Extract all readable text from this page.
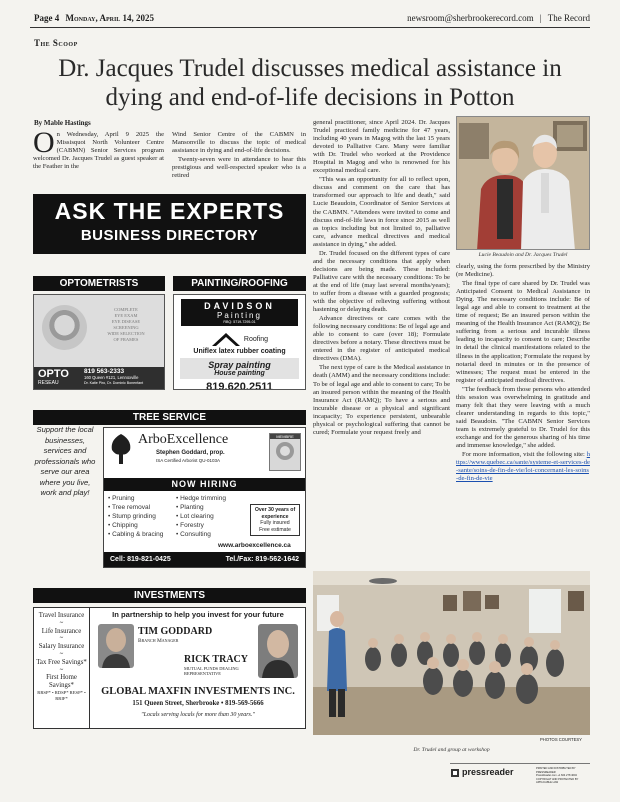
Page 4 Monday, April 14, 2025	newsroom@sherbrookerecord.com | The Record
The Scoop
Dr. Jacques Trudel discusses medical assistance in dying and end-of-life decisions in Potton
By Mable Hastings
On Wednesday, April 9 2025 the Missisquoi North Volunteer Centre (CABMN) Senior Services program welcomed Dr. Jacques Trudel as guest speaker at the Feather in the

Wind Senior Centre of the CABMN in Mansonville to discuss the topic of medical assistance in dying and end-of-life decisions.

Twenty-seven were in attendance to hear this prestigious and well-respected speaker who is a retired

general practitioner, since April 2024. Dr. Jacques Trudel practiced family medicine for 47 years, including 40 years in Magog with the last 15 years devoted to Palliative Care. Many were familiar with Dr. Trudel who worked at the Providence Hospital in Magog and who is renowned for his exceptional medical care.

"This was an opportunity for all to reflect upon, discuss and comment on the care that has transformed our approach to life and death," said Lucie Beaudoin, Coordinator of Senior Services at the CABMN. "Attendees were invited to come and discuss end-of-life laws in force since 2015 as well as topics including but not limited to, palliative care, advance medical directives and medical assistance in dying," she added.

Dr. Trudel focused on the different types of care and the necessary conditions that apply when decisions are being made. These included: Palliative care with the necessary conditions: To be at the end of life (may last several months/years); to suffer from a disease with a guarded prognosis; with the objective of relieving suffering without hastening or delaying death.

Advance directives or care comes with the following necessary conditions: Be of legal age and able to consent to care (over 18); Formulate directives before a notary. These directives must be entered in the register of anticipated medical directives (DMA).

The next type of care is the Medical assistance in death (AMM) and the necessary conditions include: To be of legal age and able to consent to care; To be an insured person within the meaning of the Health Insurance Act (RAMQ); To have a serious and incurable disease or a physical and significant incapacity; To experience persistent, unbearable physical or psychological suffering that cannot be cured; Formulate your request freely and

clearly, using the form prescribed by the Ministry (re Medicine).

The final type of care shared by Dr. Trudel was Anticipated Consent to Medical Assistance in Dying. The necessary conditions include: Be of legal age and able to consent to treatment at the time of request; Be an insured person within the meaning of the Health Insurance Act (RAMQ); Be suffering from a serious and incurable illness leading to incapacity to consent to care; Describe in detail the clinical manifestations related to the illness in the application; Formulate the request by notarial deed in minutes or in the presence of witnesses; The request must be entered in the register of anticipated medical directives.

"The feedback from those persons who attended this session was overwhelming in gratitude and many felt that they were leaving with a much clearer understanding in regards to this topic," said Beaudoin. "The CABMN Senior Services team is extremely grateful to Dr. Trudel for this exchange and for the generous sharing of his time and immense knowledge," she added.

For more information, visit the following site: https://www.quebec.ca/sante/systeme-et-services-de-sante/soins-de-fin-de-vie/loi-concernant-les-soins-de-fin-de-vie

Lucie Beaudoin and Dr. Jacques Trudel
ASK THE EXPERTS
BUSINESS DIRECTORY
OPTOMETRISTS	PAINTING/ROOFING
COMPLETE
EYE EXAM
EYE DISEASE
SCREENING
WIDE SELECTION
OF FRAMES
OPTO
RESEAU
819 563-2333
160 Queen #121, Lennoxville
Dr. Katie Piro, Dr. Dominic Bonenfant
DAVIDSON
Painting
RBQ: 5719-7295-01
Roofing
Uniflex latex rubber coating
Spray painting
House painting
819.620.2511
TREE SERVICE
Support the local businesses, services and professionals who serve our area where you live, work and play!
ArboExcellence
Stephen Goddard, prop.
ISA Certified Arborist QU-0103A
MEMBRE
NOW HIRING
• Pruning
• Tree removal
• Stump grinding
• Chipping
• Cabling & bracing
• Hedge trimming
• Planting
• Lot clearing
• Forestry
• Consulting
Over 30 years of experience
Fully insured
Free estimate
www.arboexcellence.ca
Cell: 819-821-0425	Tel./Fax: 819-562-1642
INVESTMENTS
Travel Insurance
~
Life Insurance
~
Salary Insurance
~
Tax Free Savings*
~
First Home Savings*
RRSP* • RDSP* RESP* • RRIF*
In partnership to help you invest for your future
TIM GODDARD
Branch Manager
RICK TRACY
MUTUAL FUNDS DEALING REPRESENTATIVE
GLOBAL MAXFIN INVESTMENTS INC.
151 Queen Street, Sherbrooke • 819-569-5666
"Locals serving locals for more than 30 years."
Dr. Trudel and group at workshop
PHOTOS COURTESY
pressreader	PRINTED AND DISTRIBUTED BY PRESSREADER
PressReader.com +1 604 278 4604
COPYRIGHT AND PROTECTED BY APPLICABLE LAW
